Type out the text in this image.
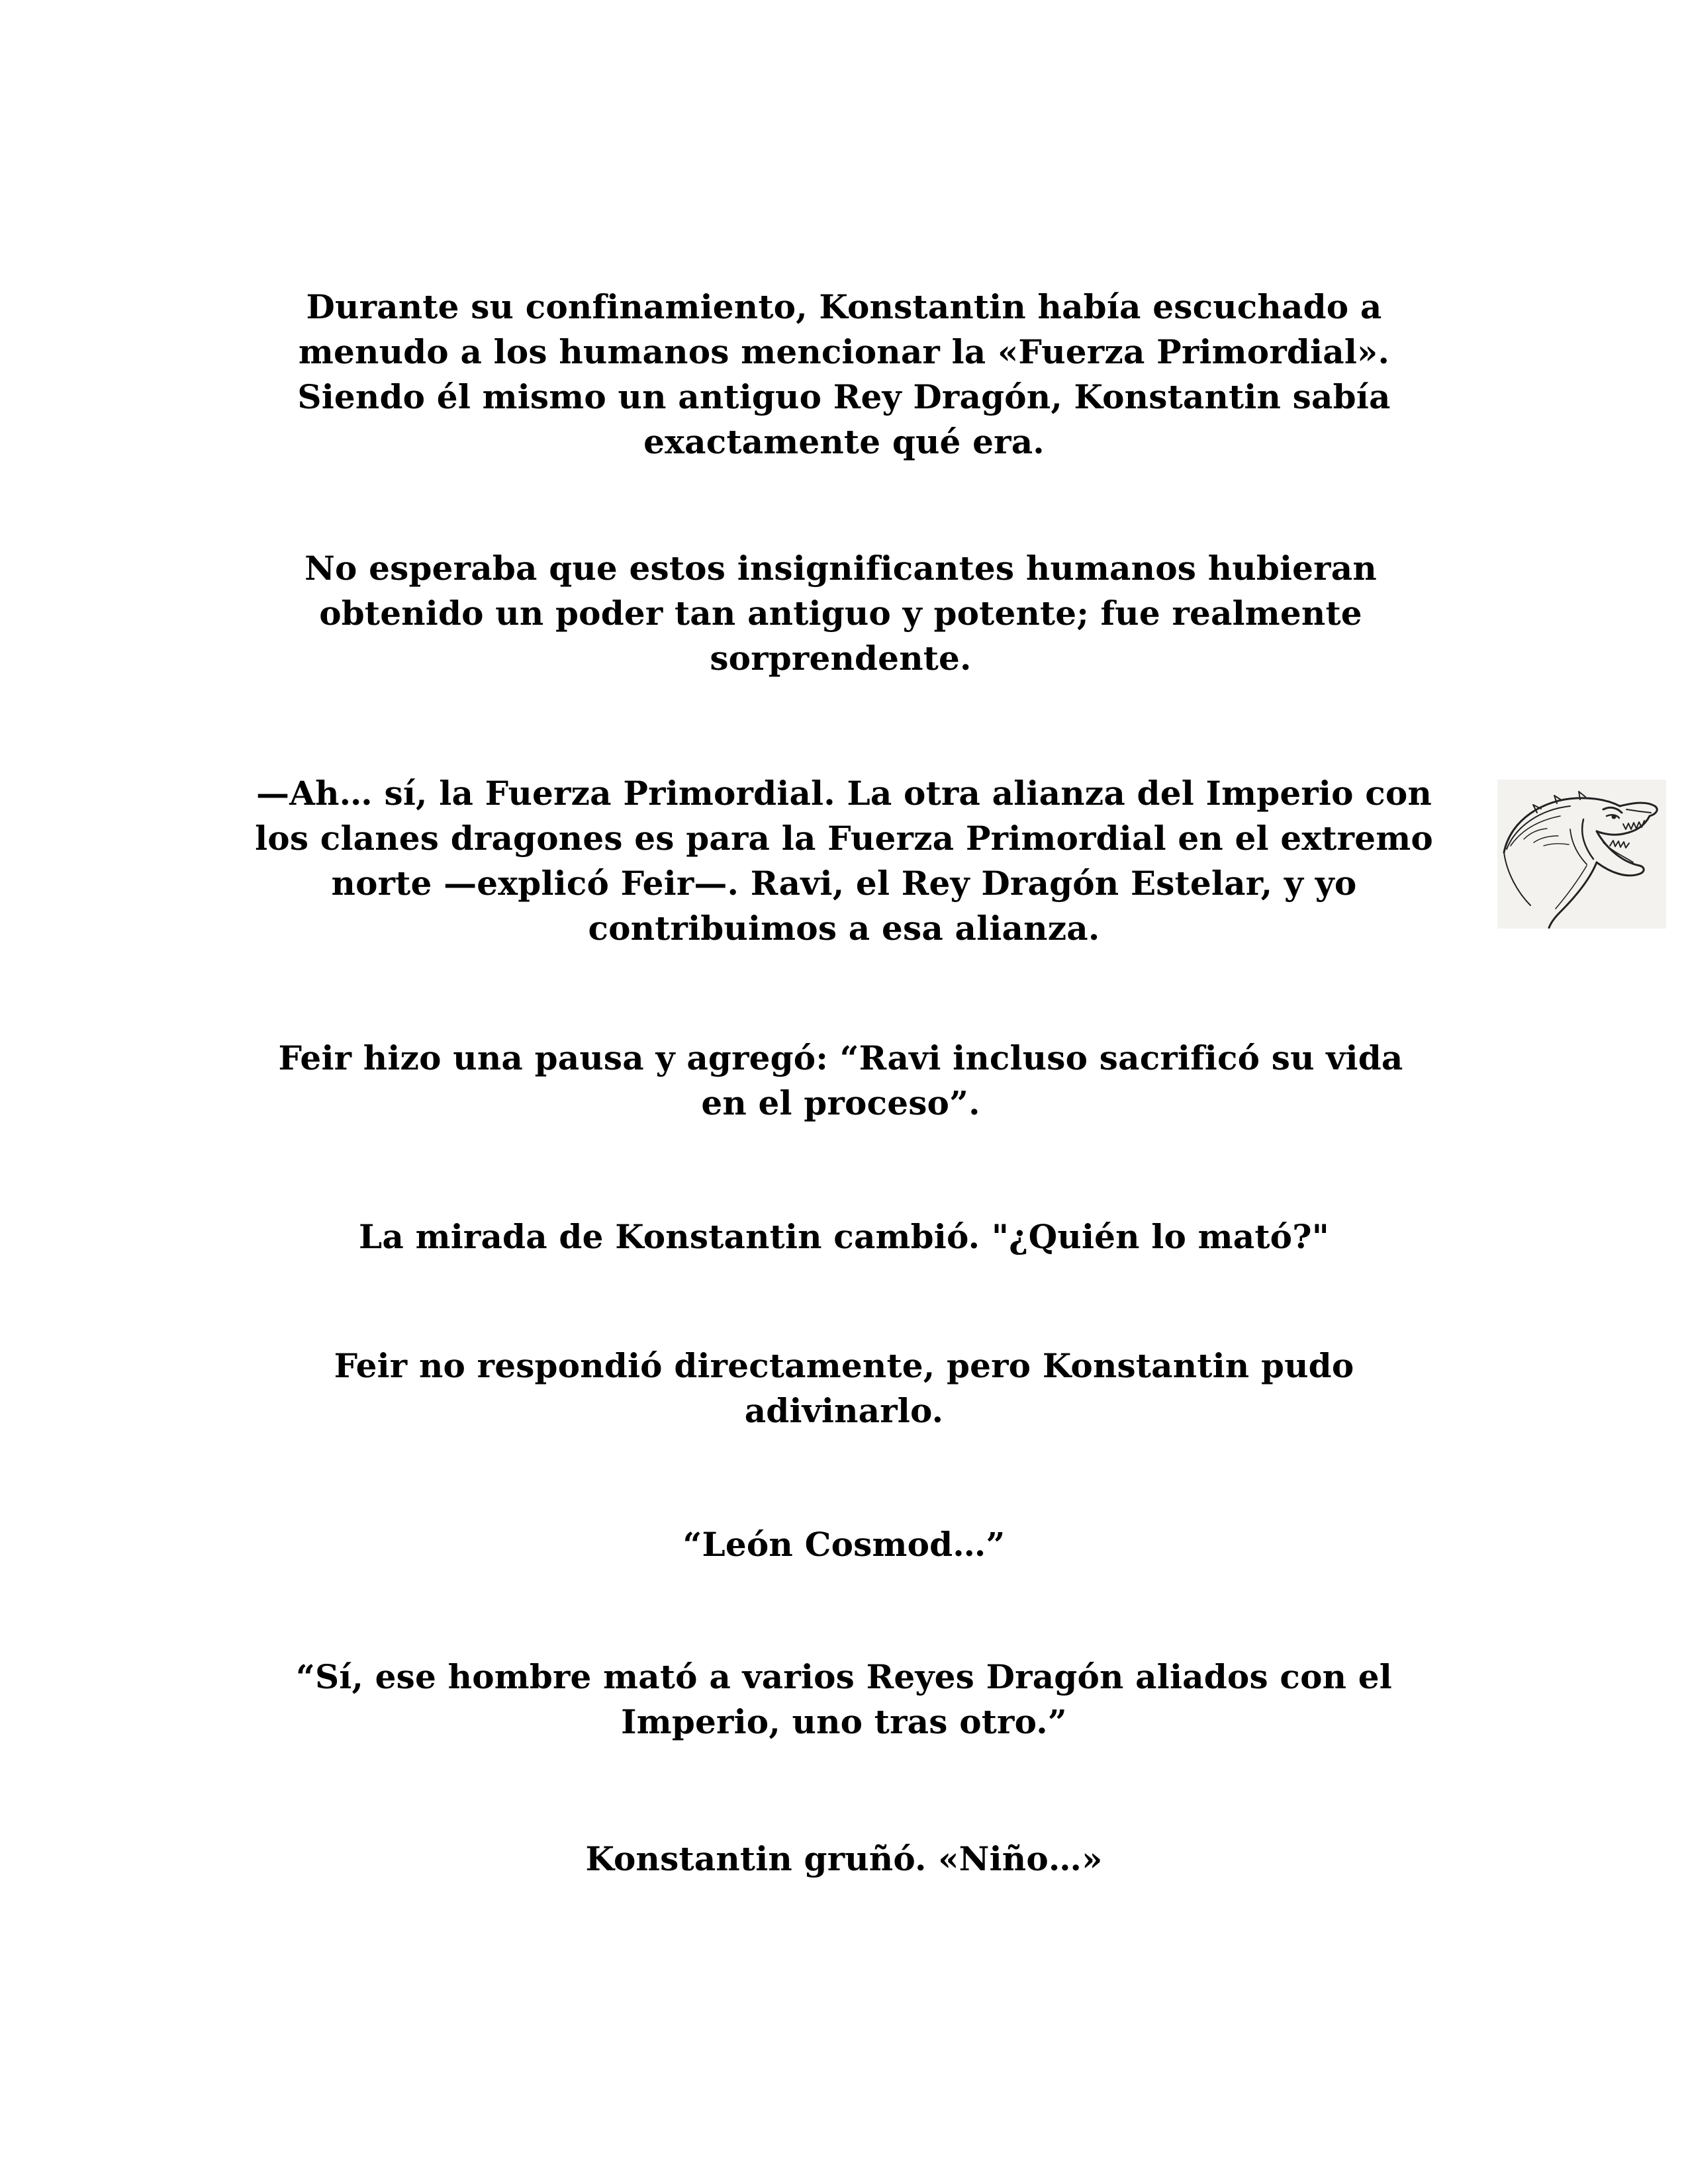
Durante su confinamiento, Konstantin había escuchado a menudo a los humanos mencionar la «Fuerza Primordial». Siendo él mismo un antiguo Rey Dragón, Konstantin sabía exactamente qué era.

No esperaba que estos insignificantes humanos hubieran obtenido un poder tan antiguo y potente; fue realmente sorprendente.

—Ah… sí, la Fuerza Primordial. La otra alianza del Imperio con los clanes dragones es para la Fuerza Primordial en el extremo norte —explicó Feir—. Ravi, el Rey Dragón Estelar, y yo contribuimos a esa alianza.

Feir hizo una pausa y agregó: “Ravi incluso sacrificó su vida en el proceso”.

La mirada de Konstantin cambió. "¿Quién lo mató?"

Feir no respondió directamente, pero Konstantin pudo adivinarlo.

“León Cosmod…”

“Sí, ese hombre mató a varios Reyes Dragón aliados con el Imperio, uno tras otro.”

Konstantin gruñó. «Niño…»
